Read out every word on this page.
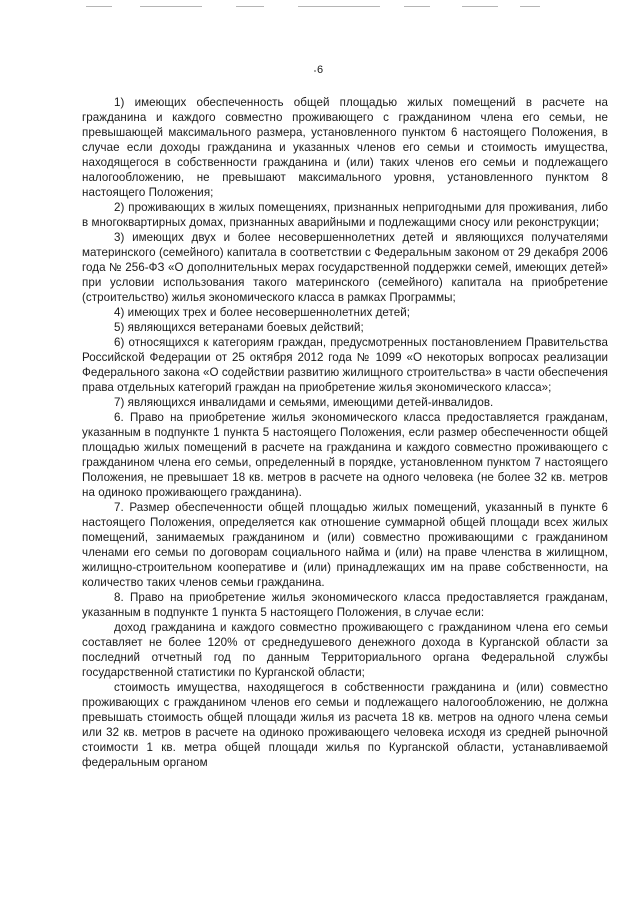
6

1) имеющих обеспеченность общей площадью жилых помещений в расчете на гражданина и каждого совместно проживающего с гражданином члена его семьи, не превышающей максимального размера, установленного пунктом 6 настоящего Положения, в случае если доходы гражданина и указанных членов его семьи и стоимость имущества, находящегося в собственности гражданина и (или) таких членов его семьи и подлежащего налогообложению, не превышают максимального уровня, установленного пунктом 8 настоящего Положения;

2) проживающих в жилых помещениях, признанных непригодными для проживания, либо в многоквартирных домах, признанных аварийными и подлежащими сносу или реконструкции;

3) имеющих двух и более несовершеннолетних детей и являющихся получателями материнского (семейного) капитала в соответствии с Федеральным законом от 29 декабря 2006 года № 256-ФЗ «О дополнительных мерах государственной поддержки семей, имеющих детей» при условии использования такого материнского (семейного) капитала на приобретение (строительство) жилья экономического класса в рамках Программы;

4) имеющих трех и более несовершеннолетних детей;

5) являющихся ветеранами боевых действий;

6) относящихся к категориям граждан, предусмотренных постановлением Правительства Российской Федерации от 25 октября 2012 года № 1099 «О некоторых вопросах реализации Федерального закона «О содействии развитию жилищного строительства» в части обеспечения права отдельных категорий граждан на приобретение жилья экономического класса»;

7) являющихся инвалидами и семьями, имеющими детей-инвалидов.

6. Право на приобретение жилья экономического класса предоставляется гражданам, указанным в подпункте 1 пункта 5 настоящего Положения, если размер обеспеченности общей площадью жилых помещений в расчете на гражданина и каждого совместно проживающего с гражданином члена его семьи, определенный в порядке, установленном пунктом 7 настоящего Положения, не превышает 18 кв. метров в расчете на одного человека (не более 32 кв. метров на одиноко проживающего гражданина).

7. Размер обеспеченности общей площадью жилых помещений, указанный в пункте 6 настоящего Положения, определяется как отношение суммарной общей площади всех жилых помещений, занимаемых гражданином и (или) совместно проживающими с гражданином членами его семьи по договорам социального найма и (или) на праве членства в жилищном, жилищно-строительном кооперативе и (или) принадлежащих им на праве собственности, на количество таких членов семьи гражданина.

8. Право на приобретение жилья экономического класса предоставляется гражданам, указанным в подпункте 1 пункта 5 настоящего Положения, в случае если:

доход гражданина и каждого совместно проживающего с гражданином члена его семьи составляет не более 120% от среднедушевого денежного дохода в Курганской области за последний отчетный год по данным Территориального органа Федеральной службы государственной статистики по Курганской области;

стоимость имущества, находящегося в собственности гражданина и (или) совместно проживающих с гражданином членов его семьи и подлежащего налогообложению, не должна превышать стоимость общей площади жилья из расчета 18 кв. метров на одного члена семьи или 32 кв. метров в расчете на одиноко проживающего человека исходя из средней рыночной стоимости 1 кв. метра общей площади жилья по Курганской области, устанавливаемой федеральным органом
